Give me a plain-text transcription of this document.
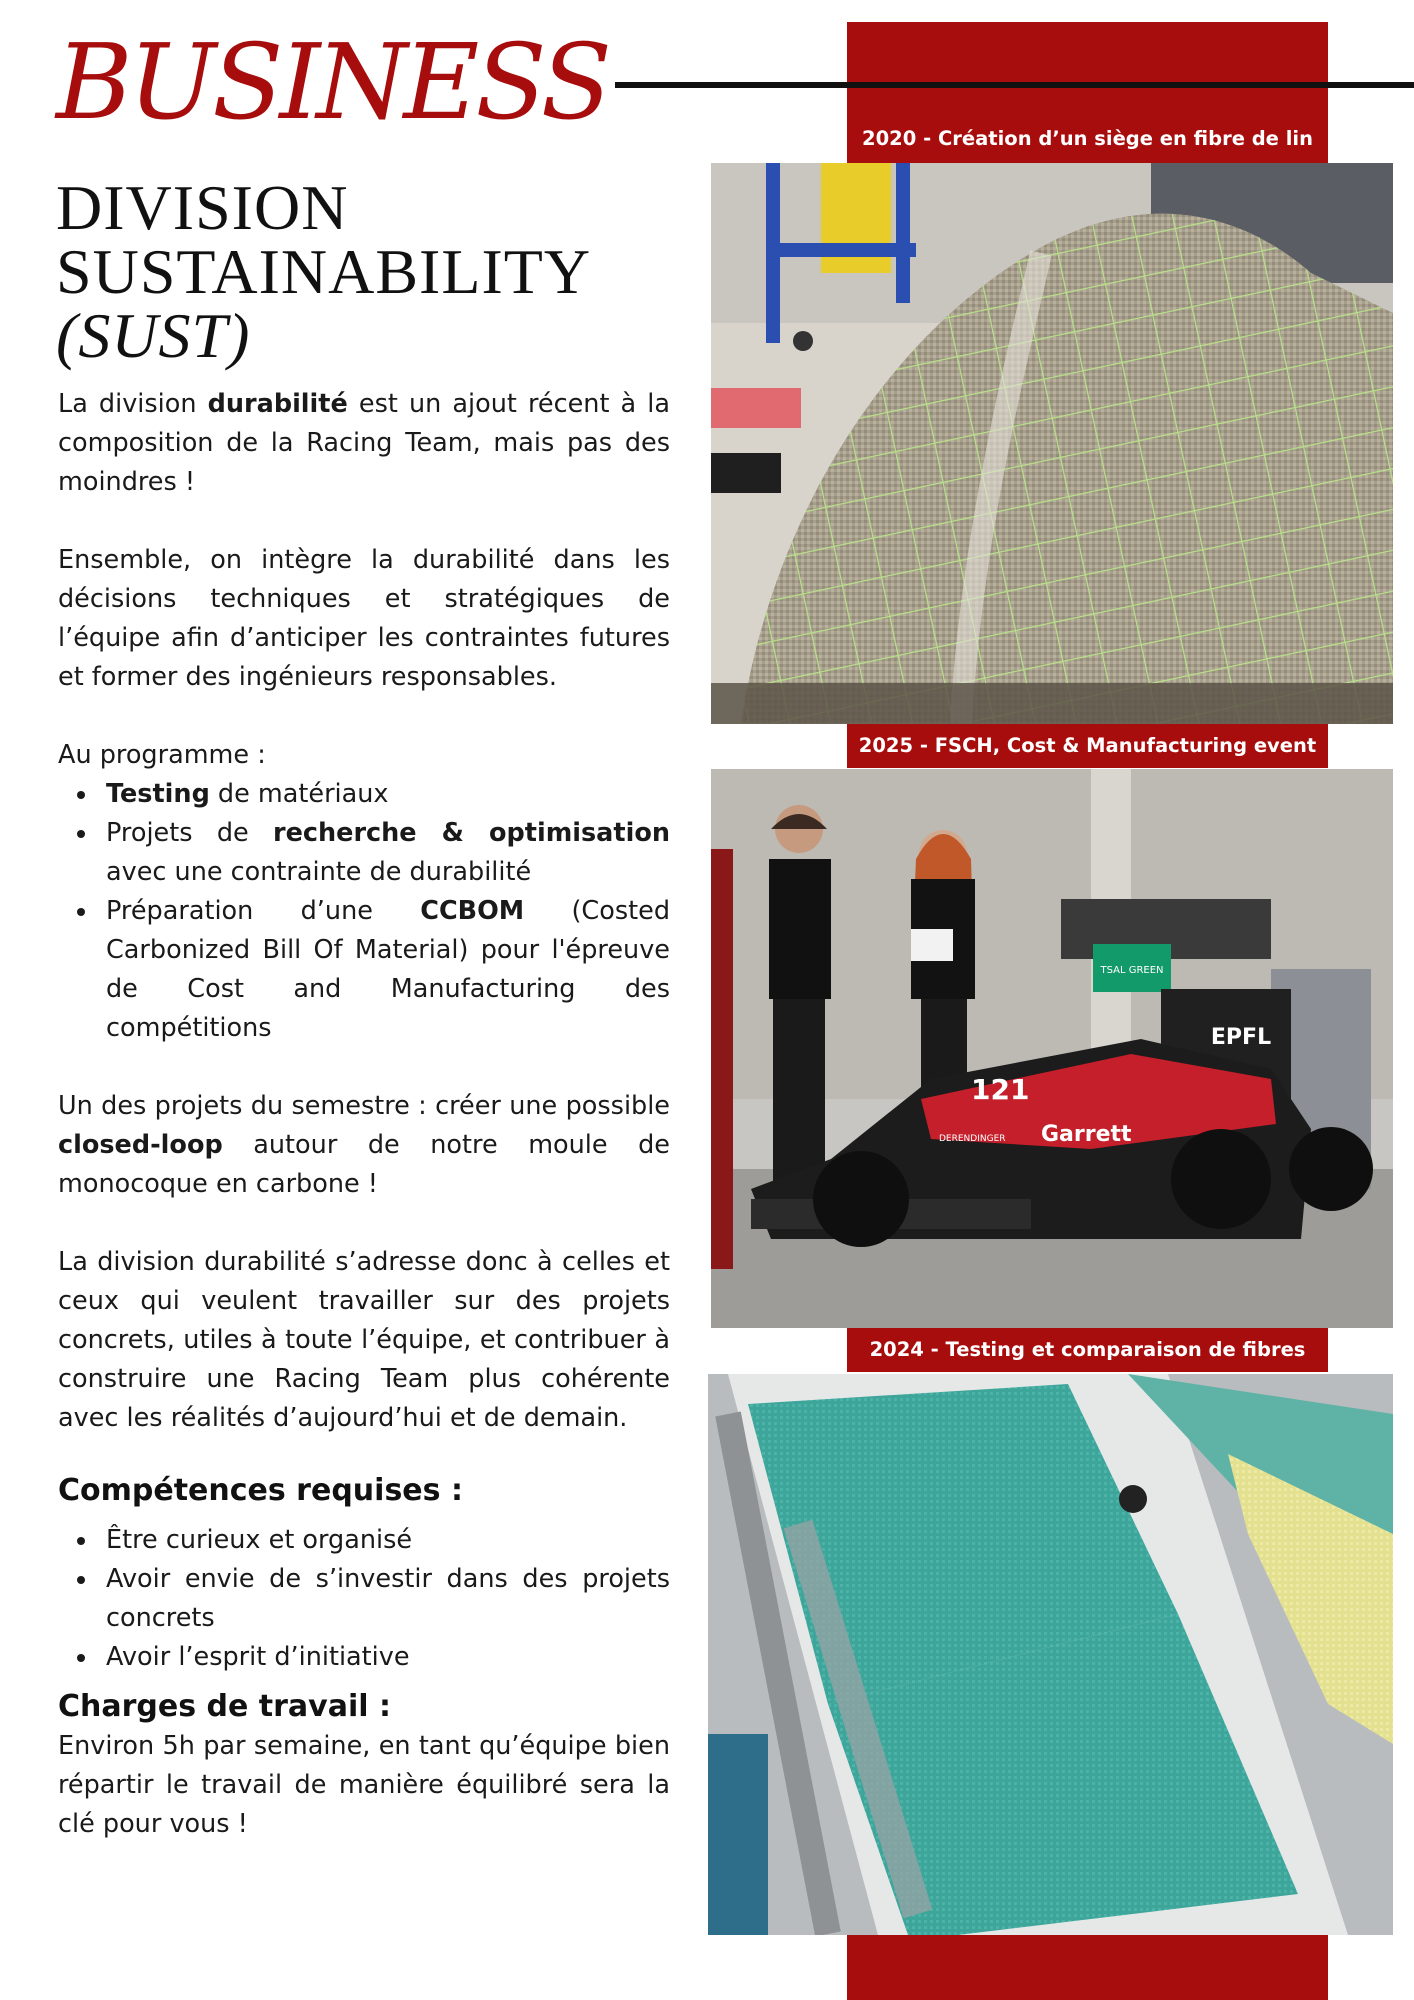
BUSINESS
DIVISION
SUSTAINABILITY
(SUST)

La division durabilité est un ajout récent à la composition de la Racing Team, mais pas des moindres !

Ensemble, on intègre la durabilité dans les décisions techniques et stratégiques de l’équipe afin d’anticiper les contraintes futures et former des ingénieurs responsables.

Au programme :
Testing de matériaux
Projets de recherche & optimisation avec une contrainte de durabilité
Préparation d’une CCBOM (Costed Carbonized Bill Of Material) pour l'épreuve de Cost and Manufacturing des compétitions

Un des projets du semestre : créer une possible closed-loop autour de notre moule de monocoque en carbone !

La division durabilité s’adresse donc à celles et ceux qui veulent travailler sur des projets concrets, utiles à toute l’équipe, et contribuer à construire une Racing Team plus cohérente avec les réalités d’aujourd’hui et de demain.

Compétences requises :
Être curieux et organisé
Avoir envie de s’investir dans des projets concrets
Avoir l’esprit d’initiative
Charges de travail :

Environ 5h par semaine, en tant qu’équipe bien répartir le travail de manière équilibré sera la clé pour vous !

2020 - Création d’un siège en fibre de lin
2025 - FSCH, Cost & Manufacturing event
2024 - Testing et comparaison de fibres
TSAL GREEN
EPFL
121
Garrett
DERENDINGER
